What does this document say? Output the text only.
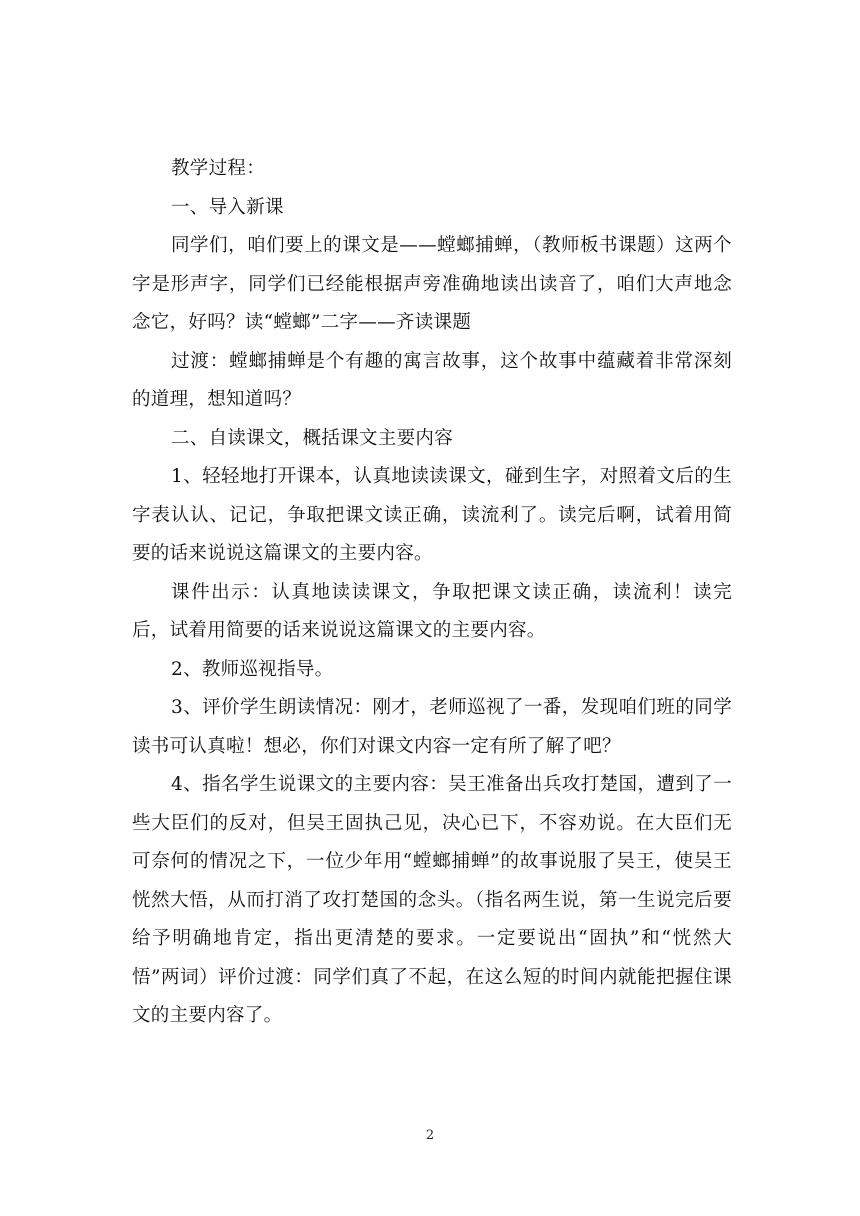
教学过程：

一、导入新课

同学们，咱们要上的课文是——螳螂捕蝉，（教师板书课题）这两个字是形声字，同学们已经能根据声旁准确地读出读音了，咱们大声地念念它，好吗？读“螳螂”二字——齐读课题

过渡：螳螂捕蝉是个有趣的寓言故事，这个故事中蕴藏着非常深刻的道理，想知道吗？

二、自读课文，概括课文主要内容

1、轻轻地打开课本，认真地读读课文，碰到生字，对照着文后的生字表认认、记记，争取把课文读正确，读流利了。读完后啊，试着用简要的话来说说这篇课文的主要内容。

课件出示：认真地读读课文，争取把课文读正确，读流利！读完后，试着用简要的话来说说这篇课文的主要内容。

2、教师巡视指导。

3、评价学生朗读情况：刚才，老师巡视了一番，发现咱们班的同学读书可认真啦！想必，你们对课文内容一定有所了解了吧？

4、指名学生说课文的主要内容：吴王准备出兵攻打楚国，遭到了一些大臣们的反对，但吴王固执己见，决心已下，不容劝说。在大臣们无可奈何的情况之下，一位少年用“螳螂捕蝉”的故事说服了吴王，使吴王恍然大悟，从而打消了攻打楚国的念头。（指名两生说，第一生说完后要给予明确地肯定，指出更清楚的要求。一定要说出“固执”和“恍然大悟”两词）评价过渡：同学们真了不起，在这么短的时间内就能把握住课文的主要内容了。

2
